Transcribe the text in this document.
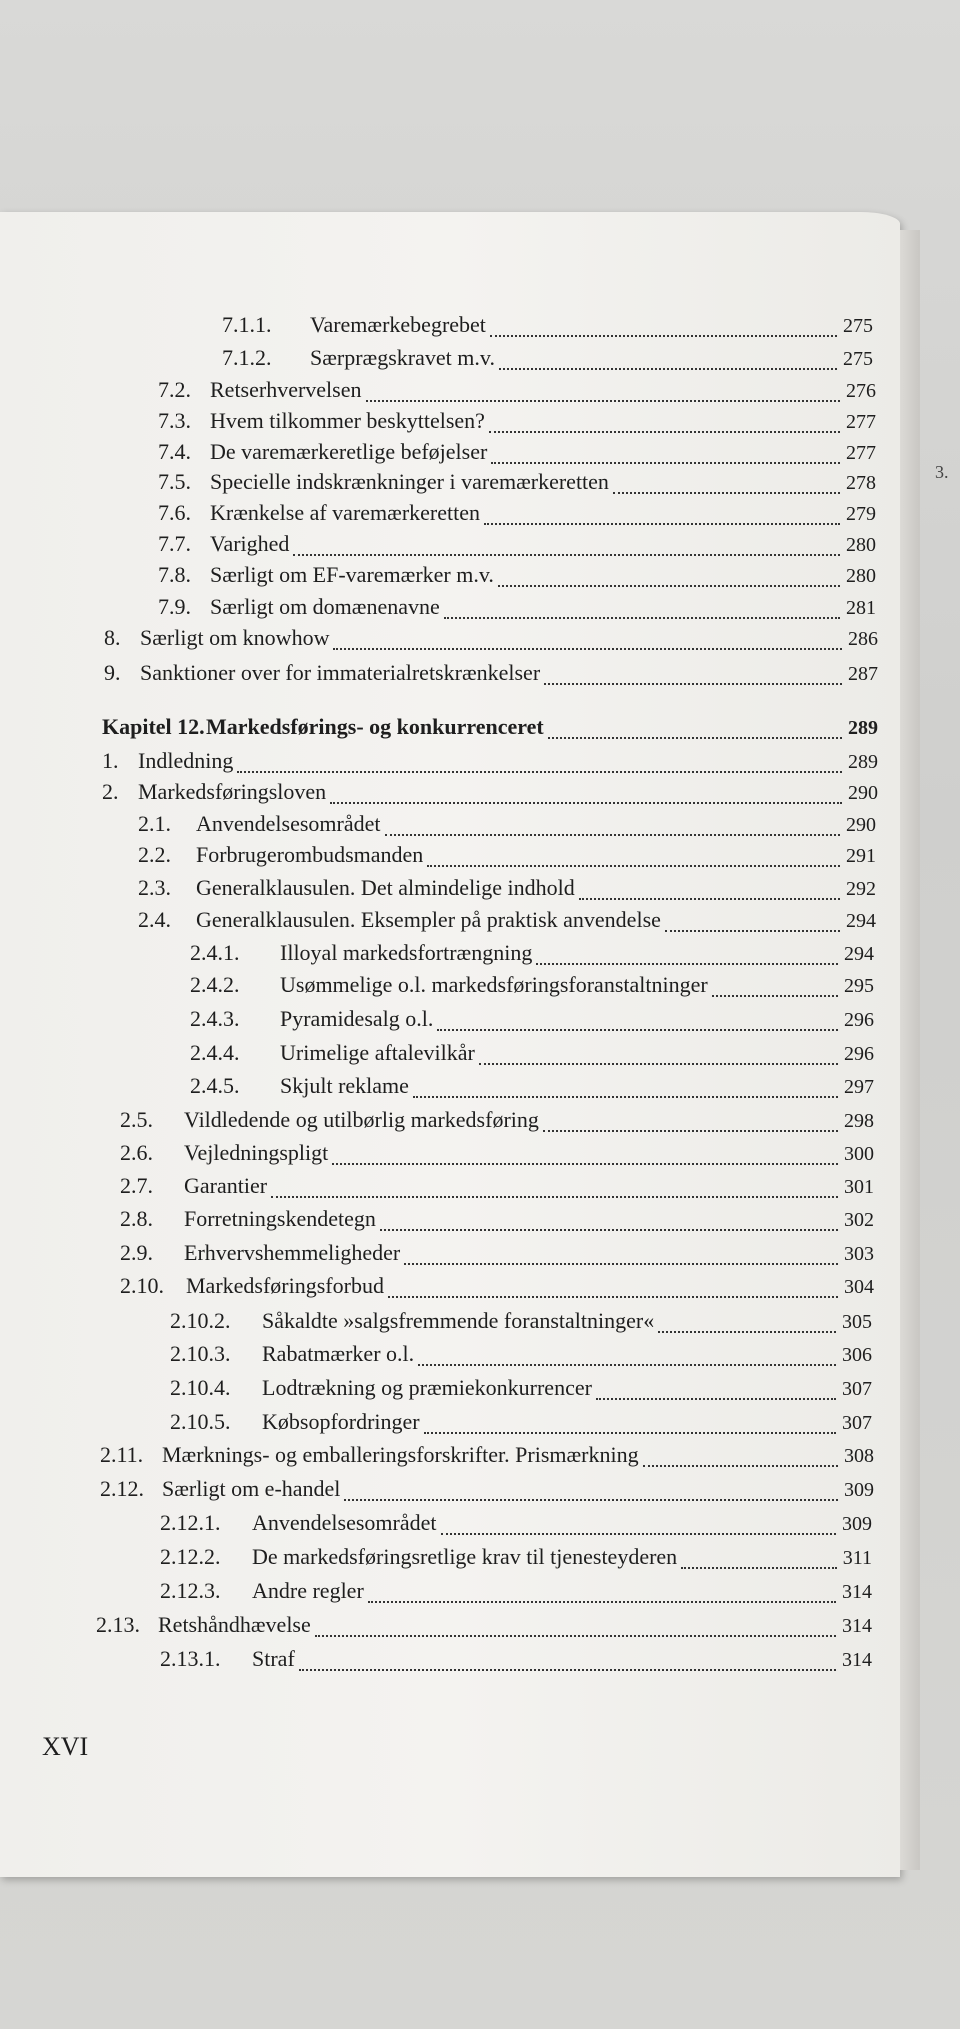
3.
7.1.1.	Varemærkebegrebet	275
7.1.2.	Særprægskravet m.v.	275
7.2. Retserhvervelsen	276
7.3. Hvem tilkommer beskyttelsen?	277
7.4. De varemærkeretlige beføjelser	277
7.5. Specielle indskrænkninger i varemærkeretten	278
7.6. Krænkelse af varemærkeretten	279
7.7. Varighed	280
7.8. Særligt om EF-varemærker m.v.	280
7.9. Særligt om domænenavne	281
8. Særligt om knowhow	286
9. Sanktioner over for immaterialretskrænkelser	287
Kapitel 12. Markedsførings- og konkurrenceret	289
1. Indledning	289
2. Markedsføringsloven	290
2.1.	Anvendelsesområdet	290
2.2.	Forbrugerombudsmanden	291
2.3.	Generalklausulen. Det almindelige indhold	292
2.4.	Generalklausulen. Eksempler på praktisk anvendelse	294
2.4.1.	Illoyal markedsfortrængning	294
2.4.2.	Usømmelige o.l. markedsføringsforanstaltninger	295
2.4.3.	Pyramidesalg o.l.	296
2.4.4.	Urimelige aftalevilkår	296
2.4.5.	Skjult reklame	297
2.5.	Vildledende og utilbørlig markedsføring	298
2.6.	Vejledningspligt	300
2.7.	Garantier	301
2.8.	Forretningskendetegn	302
2.9.	Erhvervshemmeligheder	303
2.10.	Markedsføringsforbud	304
2.10.2.	Såkaldte »salgsfremmende foranstaltninger«	305
2.10.3.	Rabatmærker o.l.	306
2.10.4.	Lodtrækning og præmiekonkurrencer	307
2.10.5.	Købsopfordringer	307
2.11. Mærknings- og emballeringsforskrifter. Prismærkning	308
2.12. Særligt om e-handel	309
2.12.1.	Anvendelsesområdet	309
2.12.2.	De markedsføringsretlige krav til tjenesteyderen	311
2.12.3.	Andre regler	314
2.13. Retshåndhævelse	314
2.13.1.	Straf	314
XVI
